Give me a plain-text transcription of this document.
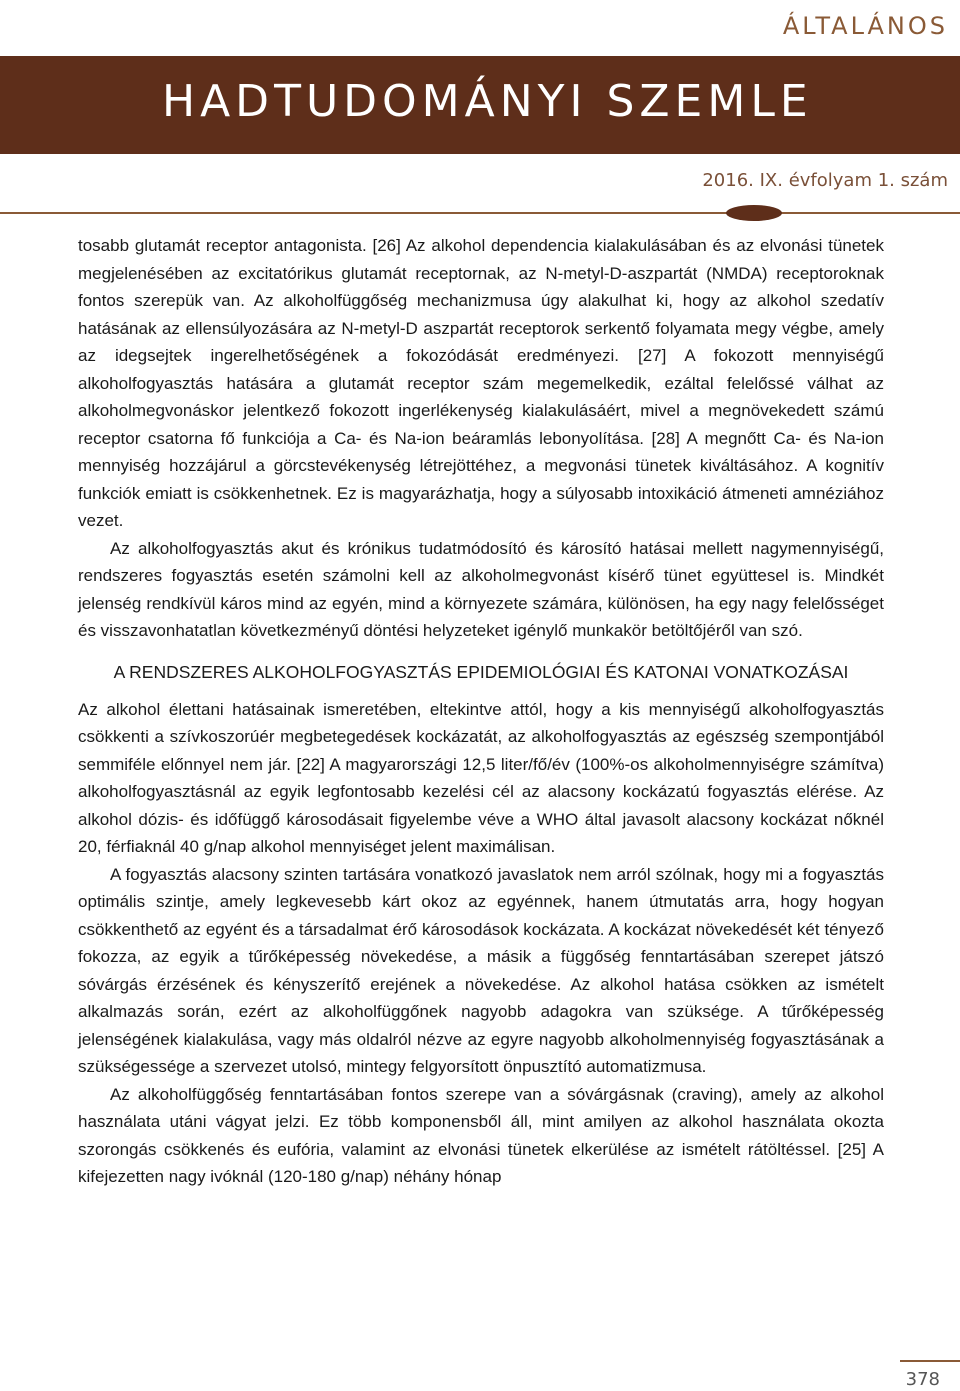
ÁLTALÁNOS
HADTUDOMÁNYI SZEMLE
2016. IX. évfolyam 1. szám

tosabb glutamát receptor antagonista. [26] Az alkohol dependencia kialakulásában és az elvonási tünetek megjelenésében az excitatórikus glutamát receptornak, az N-metyl-D-aszpartát (NMDA) receptoroknak fontos szerepük van. Az alkoholfüggőség mechanizmusa úgy alakulhat ki, hogy az alkohol szedatív hatásának az ellensúlyozására az N-metyl-D aszpartát receptorok serkentő folyamata megy végbe, amely az idegsejtek ingerelhetőségének a fokozódását eredményezi. [27] A fokozott mennyiségű alkoholfogyasztás hatására a glutamát receptor szám megemelkedik, ezáltal felelőssé válhat az alkoholmegvonáskor jelentkező fokozott ingerlékenység kialakulásáért, mivel a megnövekedett számú receptor csatorna fő funkciója a Ca- és Na-ion beáramlás lebonyolítása. [28] A megnőtt Ca- és Na-ion mennyiség hozzájárul a görcstevékenység létrejöttéhez, a megvonási tünetek kiváltásához. A kognitív funkciók emiatt is csökkenhetnek. Ez is magyarázhatja, hogy a súlyosabb intoxikáció átmeneti amnéziához vezet.

Az alkoholfogyasztás akut és krónikus tudatmódosító és károsító hatásai mellett nagymennyiségű, rendszeres fogyasztás esetén számolni kell az alkoholmegvonást kísérő tünet együttesel is. Mindkét jelenség rendkívül káros mind az egyén, mind a környezete számára, különösen, ha egy nagy felelősséget és visszavonhatatlan következményű döntési helyzeteket igénylő munkakör betöltőjéről van szó.

A RENDSZERES ALKOHOLFOGYASZTÁS EPIDEMIOLÓGIAI ÉS KATONAI VONATKOZÁSAI

Az alkohol élettani hatásainak ismeretében, eltekintve attól, hogy a kis mennyiségű alkoholfogyasztás csökkenti a szívkoszorúér megbetegedések kockázatát, az alkoholfogyasztás az egészség szempontjából semmiféle előnnyel nem jár. [22] A magyarországi 12,5 liter/fő/év (100%-os alkoholmennyiségre számítva) alkoholfogyasztásnál az egyik legfontosabb kezelési cél az alacsony kockázatú fogyasztás elérése. Az alkohol dózis- és időfüggő károsodásait figyelembe véve a WHO által javasolt alacsony kockázat nőknél 20, férfiaknál 40 g/nap alkohol mennyiséget jelent maximálisan.

A fogyasztás alacsony szinten tartására vonatkozó javaslatok nem arról szólnak, hogy mi a fogyasztás optimális szintje, amely legkevesebb kárt okoz az egyénnek, hanem útmutatás arra, hogy hogyan csökkenthető az egyént és a társadalmat érő károsodások kockázata. A kockázat növekedését két tényező fokozza, az egyik a tűrőképesség növekedése, a másik a függőség fenntartásában szerepet játszó sóvárgás érzésének és kényszerítő erejének a növekedése. Az alkohol hatása csökken az ismételt alkalmazás során, ezért az alkoholfüggőnek nagyobb adagokra van szüksége. A tűrőképesség jelenségének kialakulása, vagy más oldalról nézve az egyre nagyobb alkoholmennyiség fogyasztásának a szükségessége a szervezet utolsó, mintegy felgyorsított önpusztító automatizmusa.

Az alkoholfüggőség fenntartásában fontos szerepe van a sóvárgásnak (craving), amely az alkohol használata utáni vágyat jelzi. Ez több komponensből áll, mint amilyen az alkohol használata okozta szorongás csökkenés és eufória, valamint az elvonási tünetek elkerülése az ismételt rátöltéssel. [25] A kifejezetten nagy ivóknál (120-180 g/nap) néhány hónap

378
